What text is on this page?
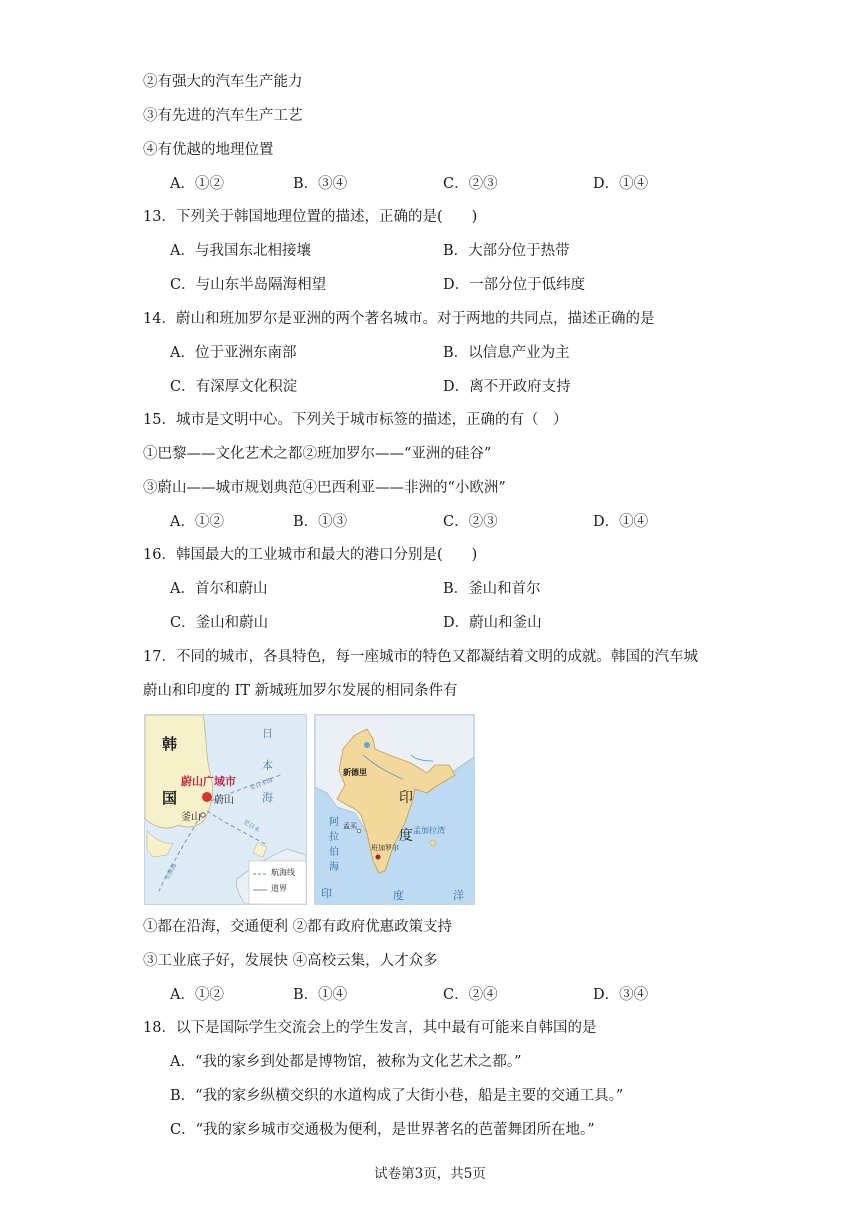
②有强大的汽车生产能力
③有先进的汽车生产工艺
④有优越的地理位置
A．①②	B．③④	C．②③	D．①④
13．下列关于韩国地理位置的描述，正确的是(　　)
A．与我国东北相接壤	B．大部分位于热带
C．与山东半岛隔海相望	D．一部分位于低纬度
14．蔚山和班加罗尔是亚洲的两个著名城市。对于两地的共同点，描述正确的是
A．位于亚洲东南部	B．以信息产业为主
C．有深厚文化积淀	D．离不开政府支持
15．城市是文明中心。下列关于城市标签的描述，正确的有（　）
①巴黎——文化艺术之都②班加罗尔——“亚洲的硅谷”
③蔚山——城市规划典范④巴西利亚——非洲的“小欧洲”
A．①②	B．①③	C．②③	D．①④
16．韩国最大的工业城市和最大的港口分别是(　　)
A．首尔和蔚山	B．釜山和首尔
C．釜山和蔚山	D．蔚山和釜山
17．不同的城市，各具特色，每一座城市的特色又都凝结着文明的成就。韩国的汽车城
蔚山和印度的 IT 新城班加罗尔发展的相同条件有
韩
国
日
本
海
蔚山广域市
蔚山
釜山
至日本海
至日本
至黄海	航海线
道界
新德里
印
度
阿
拉
伯
海
孟买
班加罗尔
孟加拉湾
印	度	洋
①都在沿海，交通便利 ②都有政府优惠政策支持
③工业底子好，发展快 ④高校云集，人才众多
A．①②	B．①④	C．②④	D．③④
18．以下是国际学生交流会上的学生发言，其中最有可能来自韩国的是
A．“我的家乡到处都是博物馆，被称为文化艺术之都。”
B．“我的家乡纵横交织的水道构成了大街小巷，船是主要的交通工具。”
C．“我的家乡城市交通极为便利，是世界著名的芭蕾舞团所在地。”
试卷第3页，共5页
